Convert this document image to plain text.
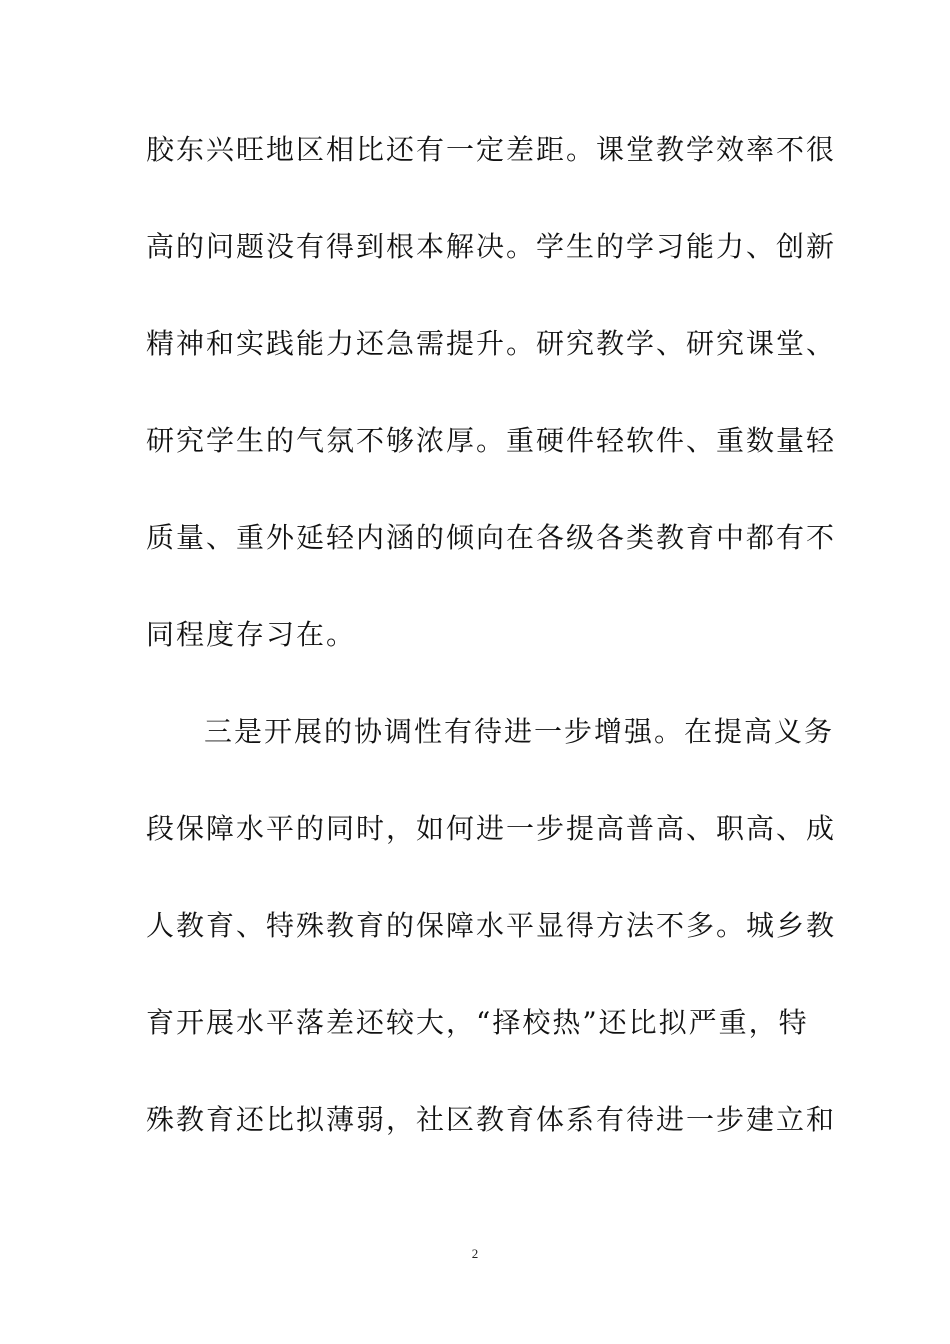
胶东兴旺地区相比还有一定差距。课堂教学效率不很
高的问题没有得到根本解决。学生的学习能力、创新
精神和实践能力还急需提升。研究教学、研究课堂、
研究学生的气氛不够浓厚。重硬件轻软件、重数量轻
质量、重外延轻内涵的倾向在各级各类教育中都有不
同程度存习在。
三是开展的协调性有待进一步增强。在提高义务
段保障水平的同时，如何进一步提高普高、职高、成
人教育、特殊教育的保障水平显得方法不多。城乡教
育开展水平落差还较大，“择校热”还比拟严重，特
殊教育还比拟薄弱，社区教育体系有待进一步建立和
2
